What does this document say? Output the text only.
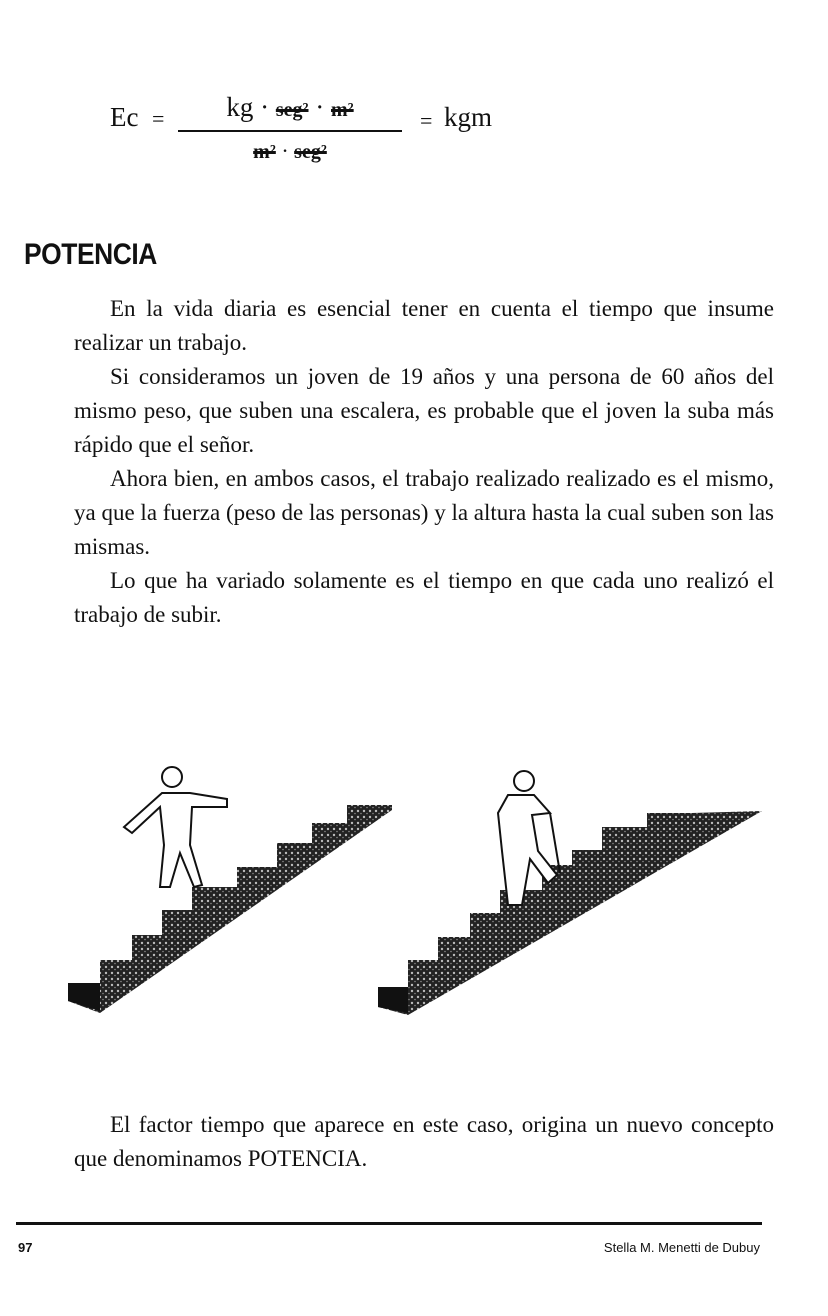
Ec =	kg · seg² · m²
m² · seg²
= kgm
POTENCIA

En la vida diaria es esencial tener en cuenta el tiempo que insume realizar un trabajo.

Si consideramos un joven de 19 años y una persona de 60 años del mismo peso, que suben una escalera, es probable que el joven la suba más rápido que el señor.

Ahora bien, en ambos casos, el trabajo realizado realizado es el mismo, ya que la fuerza (peso de las personas) y la altura hasta la cual suben son las mismas.

Lo que ha variado solamente es el tiempo en que cada uno realizó el trabajo de subir.

El factor tiempo que aparece en este caso, origina un nuevo concepto que denominamos POTENCIA.

97	Stella M. Menetti de Dubuy
